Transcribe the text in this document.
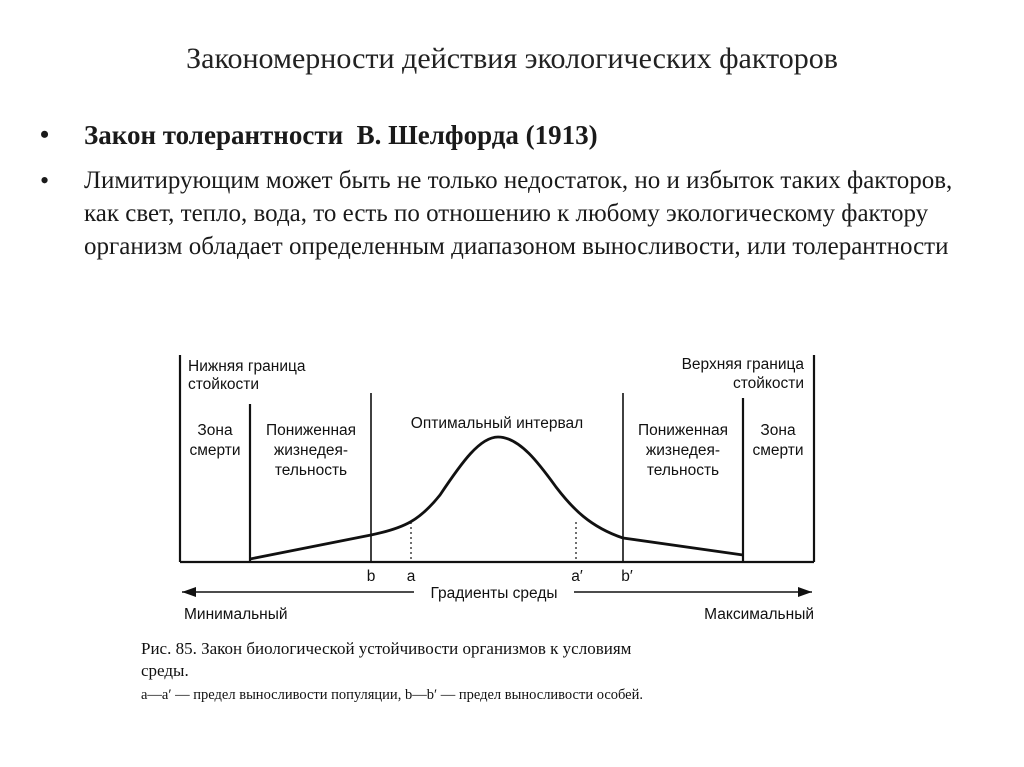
Закономерности действия экологических факторов
• Закон толерантности  В. Шелфорда (1913)
• Лимитирующим может быть не только недостаток, но и избыток таких факторов, как свет, тепло, вода, то есть по отношению к любому экологическому фактору организм обладает определенным диапазоном выносливости, или толерантности
Нижняя граница
стойкости
Верхняя граница
стойкости
Зона
смерти
Пониженная
жизнедея-
тельность
Оптимальный интервал	Пониженная
жизнедея-
тельность
Зона
смерти
b a	a′ b′
Градиенты среды
Минимальный	Максимальный
Рис. 85. Закон биологической устойчивости организмов к условиям
среды.
a—a′ — предел выносливости популяции, b—b′ — предел выносливости особей.
